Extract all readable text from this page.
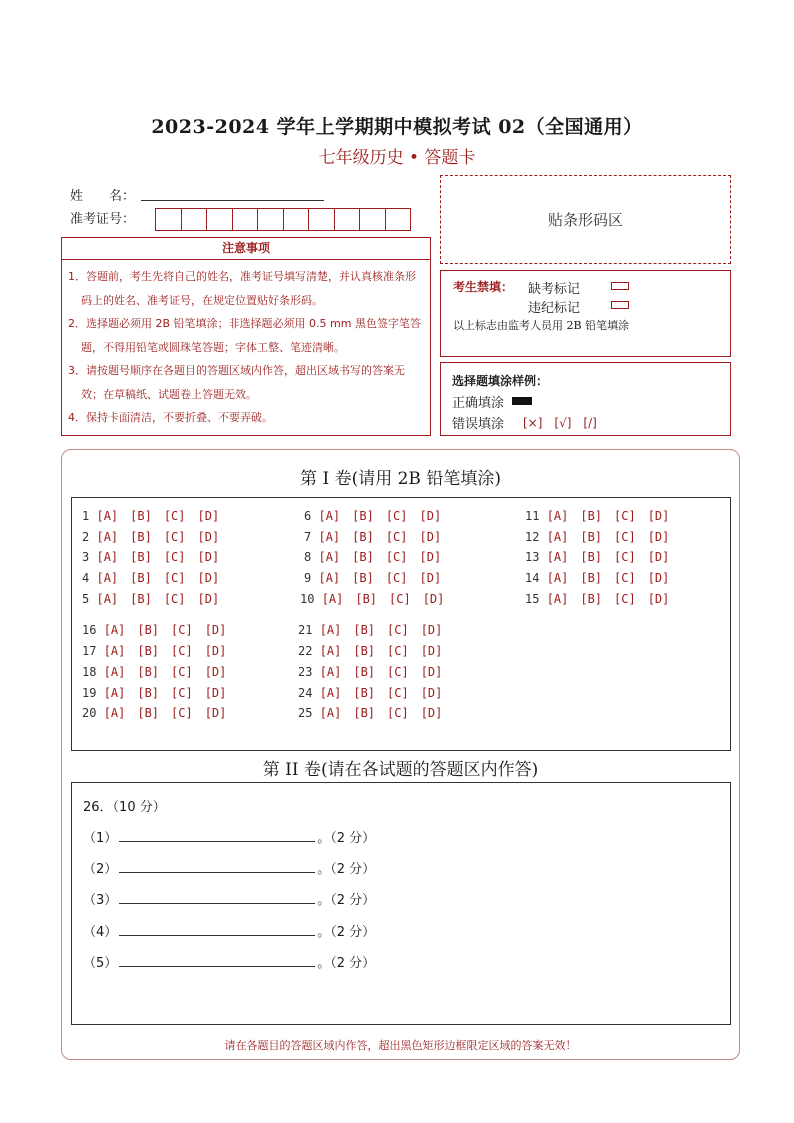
2023-2024 学年上学期期中模拟考试 02（全国通用）
七年级历史 • 答题卡
姓　　名：
准考证号：	贴条形码区
注意事项
1．答题前，考生先将自己的姓名，准考证号填写清楚，并认真核准条形码上的姓名、准考证号，在规定位置贴好条形码。
2．选择题必须用 2B 铅笔填涂；非选择题必须用 0.5 mm 黑色签字笔答题，不得用铅笔或圆珠笔答题；字体工整、笔迹清晰。
3．请按题号顺序在各题目的答题区域内作答，超出区域书写的答案无效；在草稿纸、试题卷上答题无效。
4．保持卡面清洁，不要折叠、不要弄破。
考生禁填： 缺考标记
违纪标记
以上标志由监考人员用 2B 铅笔填涂
选择题填涂样例：
正确填涂
错误填涂 [×]　[√]　[/]
第 I 卷(请用 2B 铅笔填涂)
1 [A]　[B]　[C]　[D]
2 [A]　[B]　[C]　[D]
3 [A]　[B]　[C]　[D]
4 [A]　[B]　[C]　[D]
5 [A]　[B]　[C]　[D]
6 [A]　[B]　[C]　[D]
7 [A]　[B]　[C]　[D]
8 [A]　[B]　[C]　[D]
9 [A]　[B]　[C]　[D]
10 [A]　[B]　[C]　[D]
11 [A]　[B]　[C]　[D]
12 [A]　[B]　[C]　[D]
13 [A]　[B]　[C]　[D]
14 [A]　[B]　[C]　[D]
15 [A]　[B]　[C]　[D]
16 [A]　[B]　[C]　[D]
17 [A]　[B]　[C]　[D]
18 [A]　[B]　[C]　[D]
19 [A]　[B]　[C]　[D]
20 [A]　[B]　[C]　[D]
21 [A]　[B]　[C]　[D]
22 [A]　[B]　[C]　[D]
23 [A]　[B]　[C]　[D]
24 [A]　[B]　[C]　[D]
25 [A]　[B]　[C]　[D]
第 II 卷(请在各试题的答题区内作答)
26．（10 分）
（1）	。（2 分）
（2）	。（2 分）
（3）	。（2 分）
（4）	。（2 分）
（5）	。（2 分）
请在各题目的答题区域内作答，超出黑色矩形边框限定区域的答案无效！
